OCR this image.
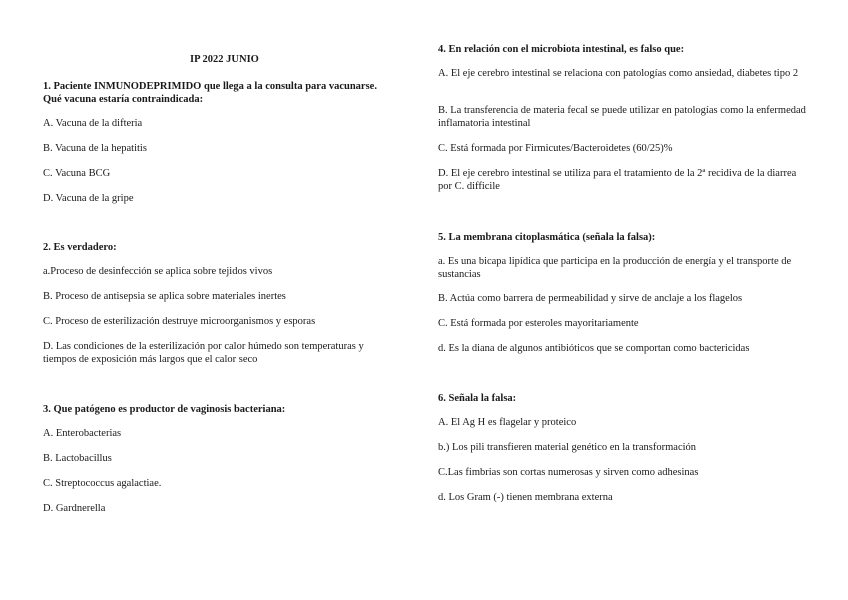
IP 2022 JUNIO
1. Paciente INMUNODEPRIMIDO que llega a la consulta para vacunarse. Qué vacuna estaría contraindicada:
A. Vacuna de la difteria
B. Vacuna de la hepatitis
C. Vacuna BCG
D. Vacuna de la gripe
2. Es verdadero:
a.Proceso de desinfección se aplica sobre tejidos vivos
B. Proceso de antisepsia se aplica sobre materiales inertes
C. Proceso de esterilización destruye microorganismos y esporas
D. Las condiciones de la esterilización por calor húmedo son temperaturas y tiempos de exposición más largos que el calor seco
3. Que patógeno es productor de vaginosis bacteriana:
A. Enterobacterias
B. Lactobacillus
C. Streptococcus agalactiae.
D. Gardnerella
4. En relación con el microbiota intestinal, es falso que:
A. El eje cerebro intestinal se relaciona con patologías como ansiedad, diabetes tipo 2
B. La transferencia de materia fecal se puede utilizar en patologías como la enfermedad inflamatoria intestinal
C. Está formada por Firmicutes/Bacteroidetes (60/25)%
D. El eje cerebro intestinal se utiliza para el tratamiento de la 2ª recidiva de la diarrea por C. difficile
5. La membrana citoplasmática (señala la falsa):
a. Es una bicapa lipídica que participa en la producción de energía y el transporte de sustancias
B. Actúa como barrera de permeabilidad y sirve de anclaje a los flagelos
C. Está formada por esteroles mayoritariamente
d. Es la diana de algunos antibióticos que se comportan como bactericidas
6. Señala la falsa:
A. El Ag H es flagelar y proteico
b.) Los pili transfieren material genético en la transformación
C.Las fimbrias son cortas numerosas y sirven como adhesinas
d. Los Gram (-) tienen membrana externa
